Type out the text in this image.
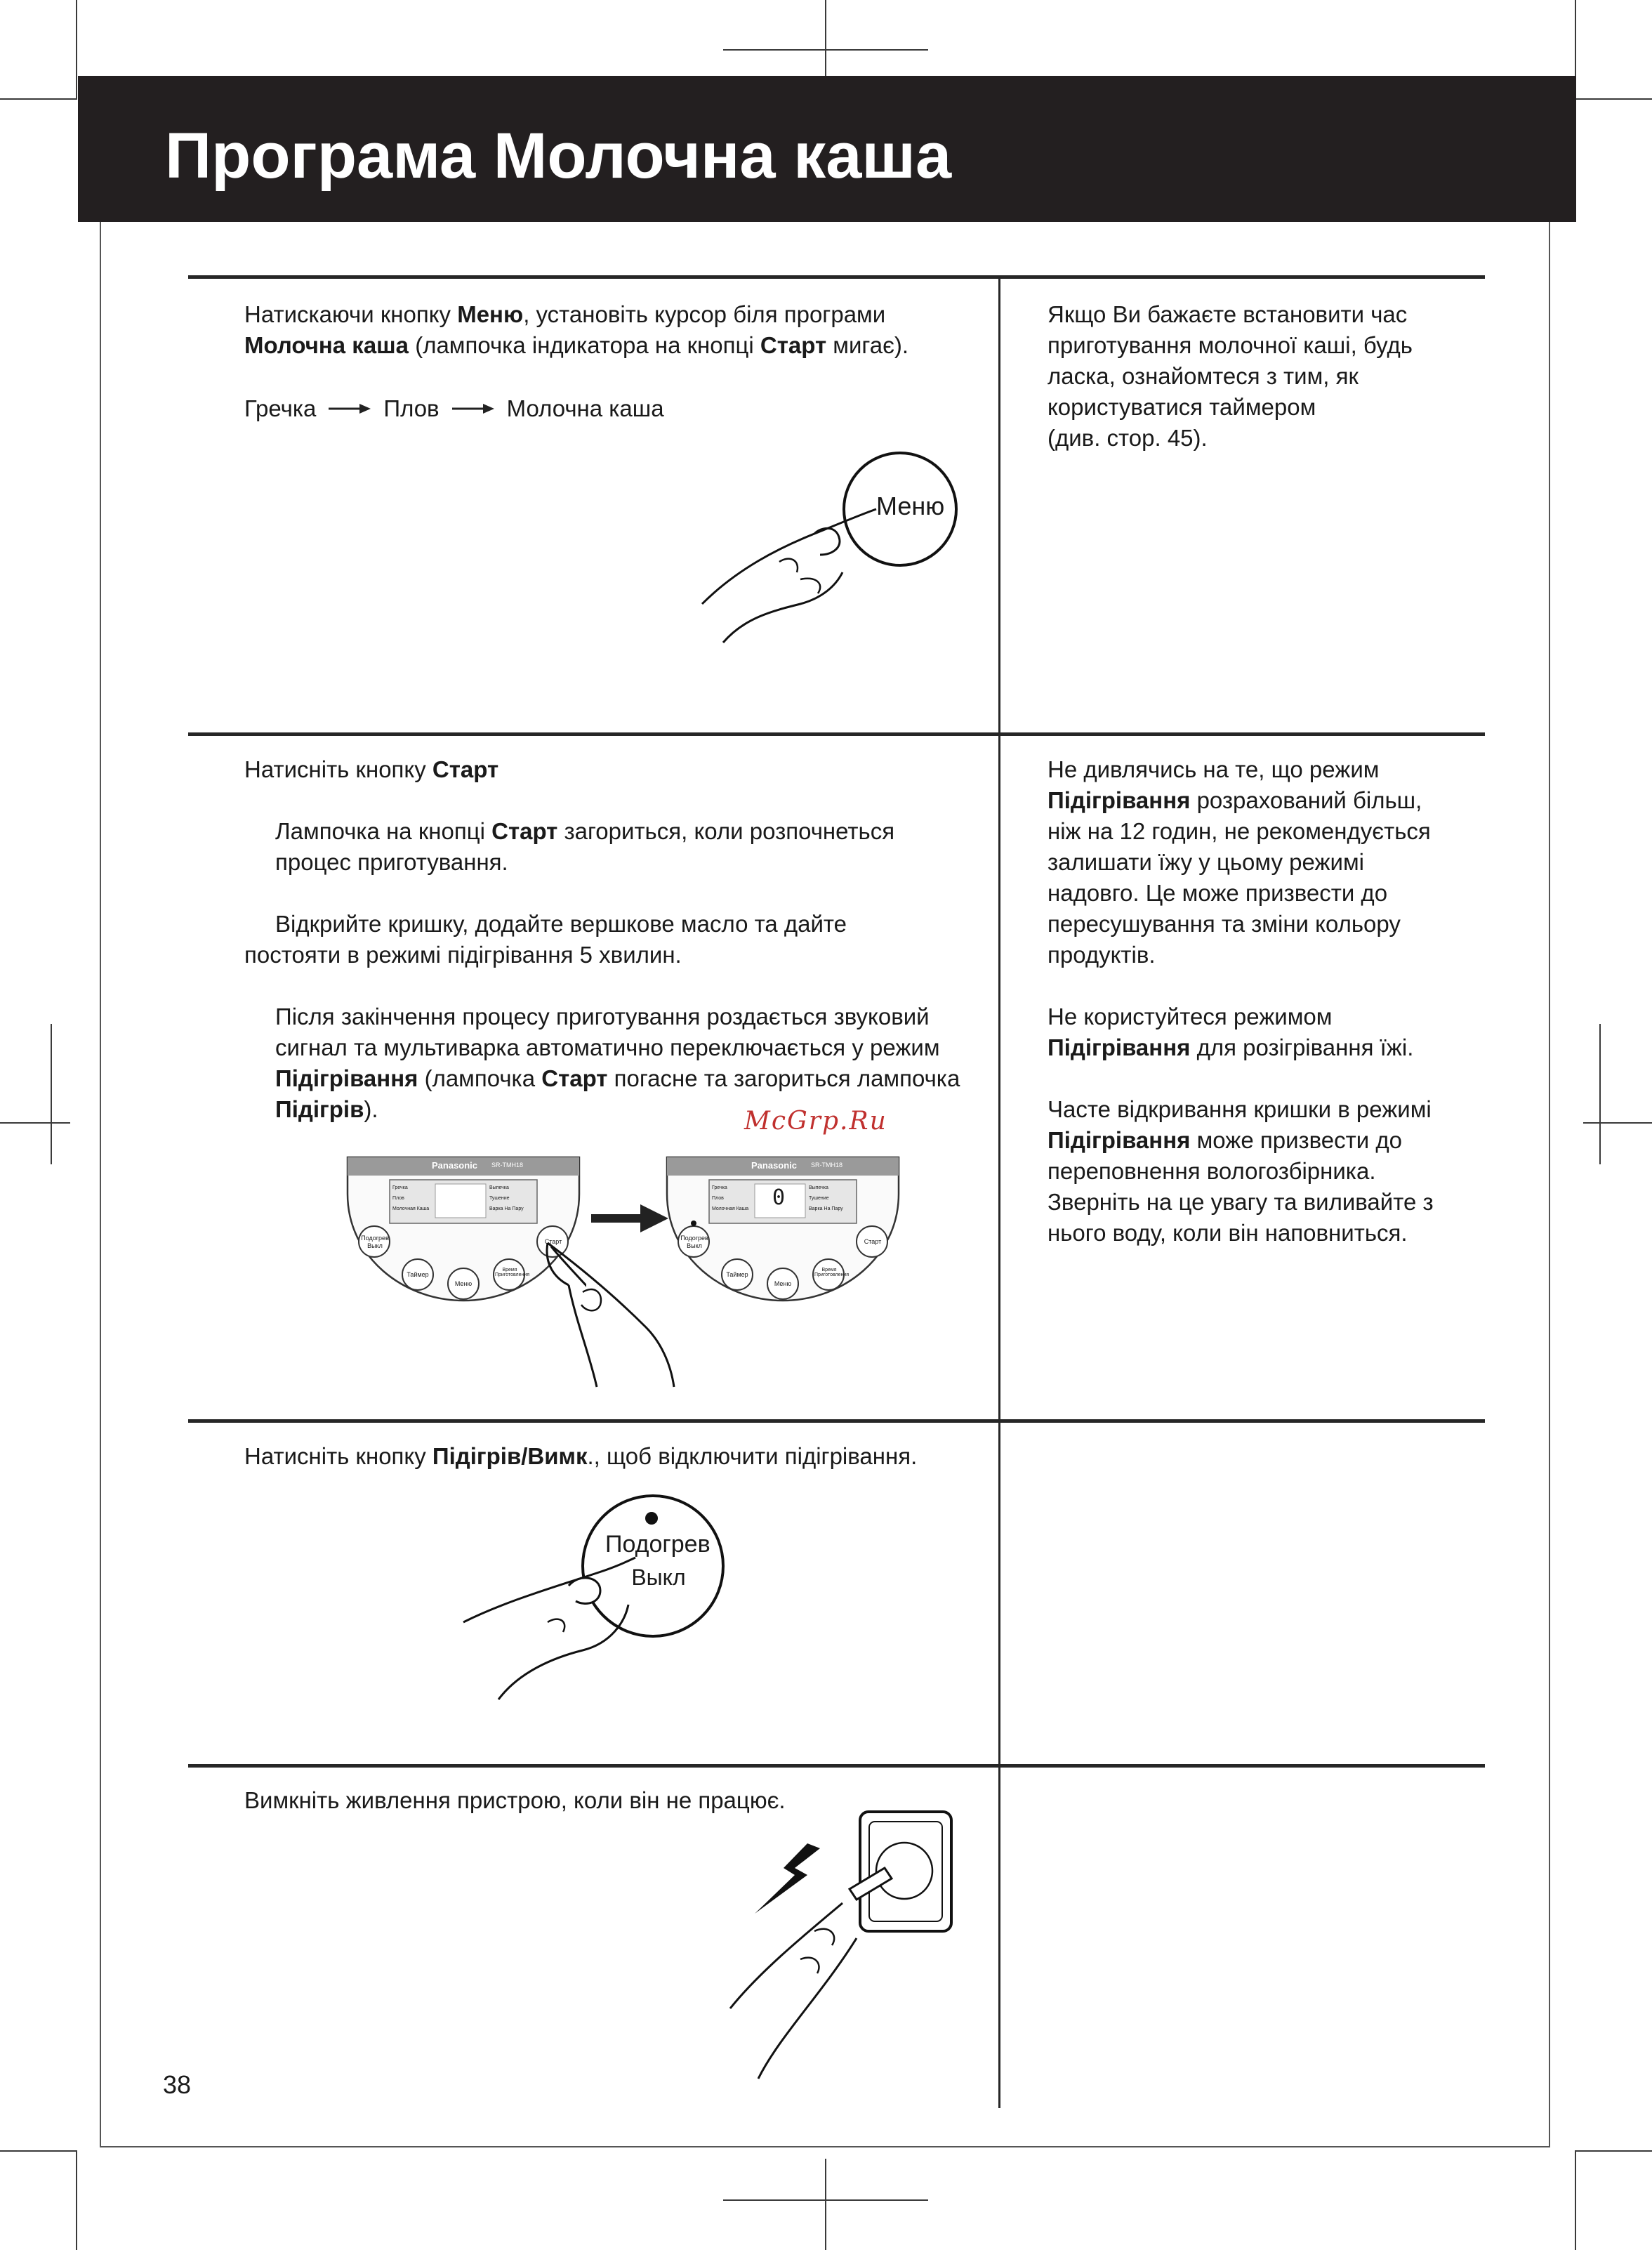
Програма Молочна каша
Натискаючи кнопку Меню, установіть курсор біля програми
Молочна каша (лампочка індикатора на кнопці Старт мигає).
Гречка	Плов	Молочна каша
Меню
Якщо Ви бажаєте встановити час
приготування молочної каші, будь
ласка, ознайомтеся з тим, як
користуватися таймером
(див. стор. 45).
Натисніть кнопку Старт
Лампочка на кнопці Старт загориться, коли розпочнеться
процес приготування.
Відкрийте кришку, додайте вершкове масло та дайте
постояти в режимі підігрівання 5 хвилин.
Після закінчення процесу приготування роздається звуковий
сигнал та мультиварка автоматично переключається у режим
Підігрівання (лампочка Старт погасне та загориться лампочка
Підігрів).	McGrp.Ru
Panasonic SR-TMH18
Гречка
Плов
Молочная Каша
Выпечка
Тушение
Варка На Пару
Подогрев
Выкл
Таймер
Меню
Время Приготовления
Старт
Panasonic SR-TMH18
Гречка
Плов
Молочная Каша
Выпечка
Тушение
Варка На Пару
0
Подогрев
Выкл
Таймер
Меню
Время Приготовления
Старт
Не дивлячись на те, що режим
Підігрівання розрахований більш,
ніж на 12 годин, не рекомендується
залишати їжу у цьому режимі
надовго. Це може призвести до
пересушування та зміни кольору
продуктів.
Не користуйтеся режимом
Підігрівання для розігрівання їжі.
Часте відкривання кришки в режимі
Підігрівання може призвести до
переповнення вологозбірника.
Зверніть на це увагу та виливайте з
нього воду, коли він наповниться.
Натисніть кнопку Підігрів/Вимк., щоб відключити підігрівання.
Подогрев
Выкл
Вимкніть живлення пристрою, коли він не працює.
38
